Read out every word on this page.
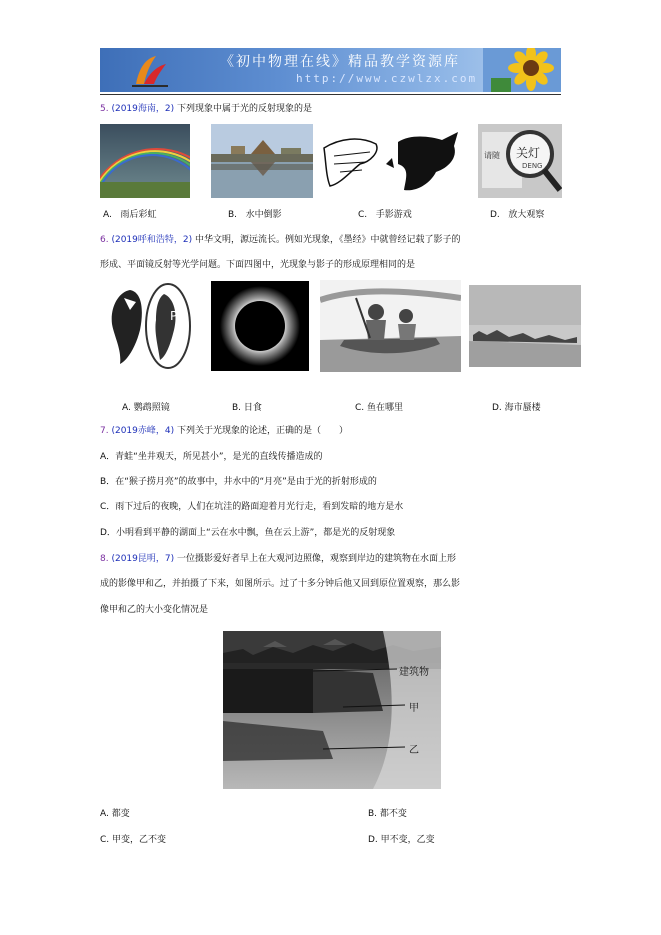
《初中物理在线》精品教学资源库
http://www.czwlzx.com
5. (2019海南，2) 下列现象中属于光的反射现象的是
请随 关灯
DENG
A. 雨后彩虹	B. 水中倒影	C. 手影游戏	D. 放大观察
6. (2019呼和浩特，2) 中华文明，源远流长。例如光现象，《墨经》中就曾经记载了影子的
形成、平面镜反射等光学问题。下面四图中，光现象与影子的形成原理相同的是
P
A. 鹦鹉照镜	B. 日食	C. 鱼在哪里	D. 海市蜃楼
7. (2019赤峰，4) 下列关于光现象的论述，正确的是（　　）
A．青蛙“坐井观天，所见甚小”，是光的直线传播造成的
B．在“猴子捞月亮”的故事中，井水中的“月亮”是由于光的折射形成的
C．雨下过后的夜晚，人们在坑洼的路面迎着月光行走，看到发暗的地方是水
D．小明看到平静的湖面上“云在水中飘，鱼在云上游”，都是光的反射现象
8. (2019昆明，7) 一位摄影爱好者早上在大观河边照像，观察到岸边的建筑物在水面上形
成的影像甲和乙，并拍摄了下来，如图所示。过了十多分钟后他又回到原位置观察，那么影
像甲和乙的大小变化情况是
建筑物
甲
乙
A. 都变	B. 都不变
C. 甲变，乙不变	D. 甲不变，乙变
